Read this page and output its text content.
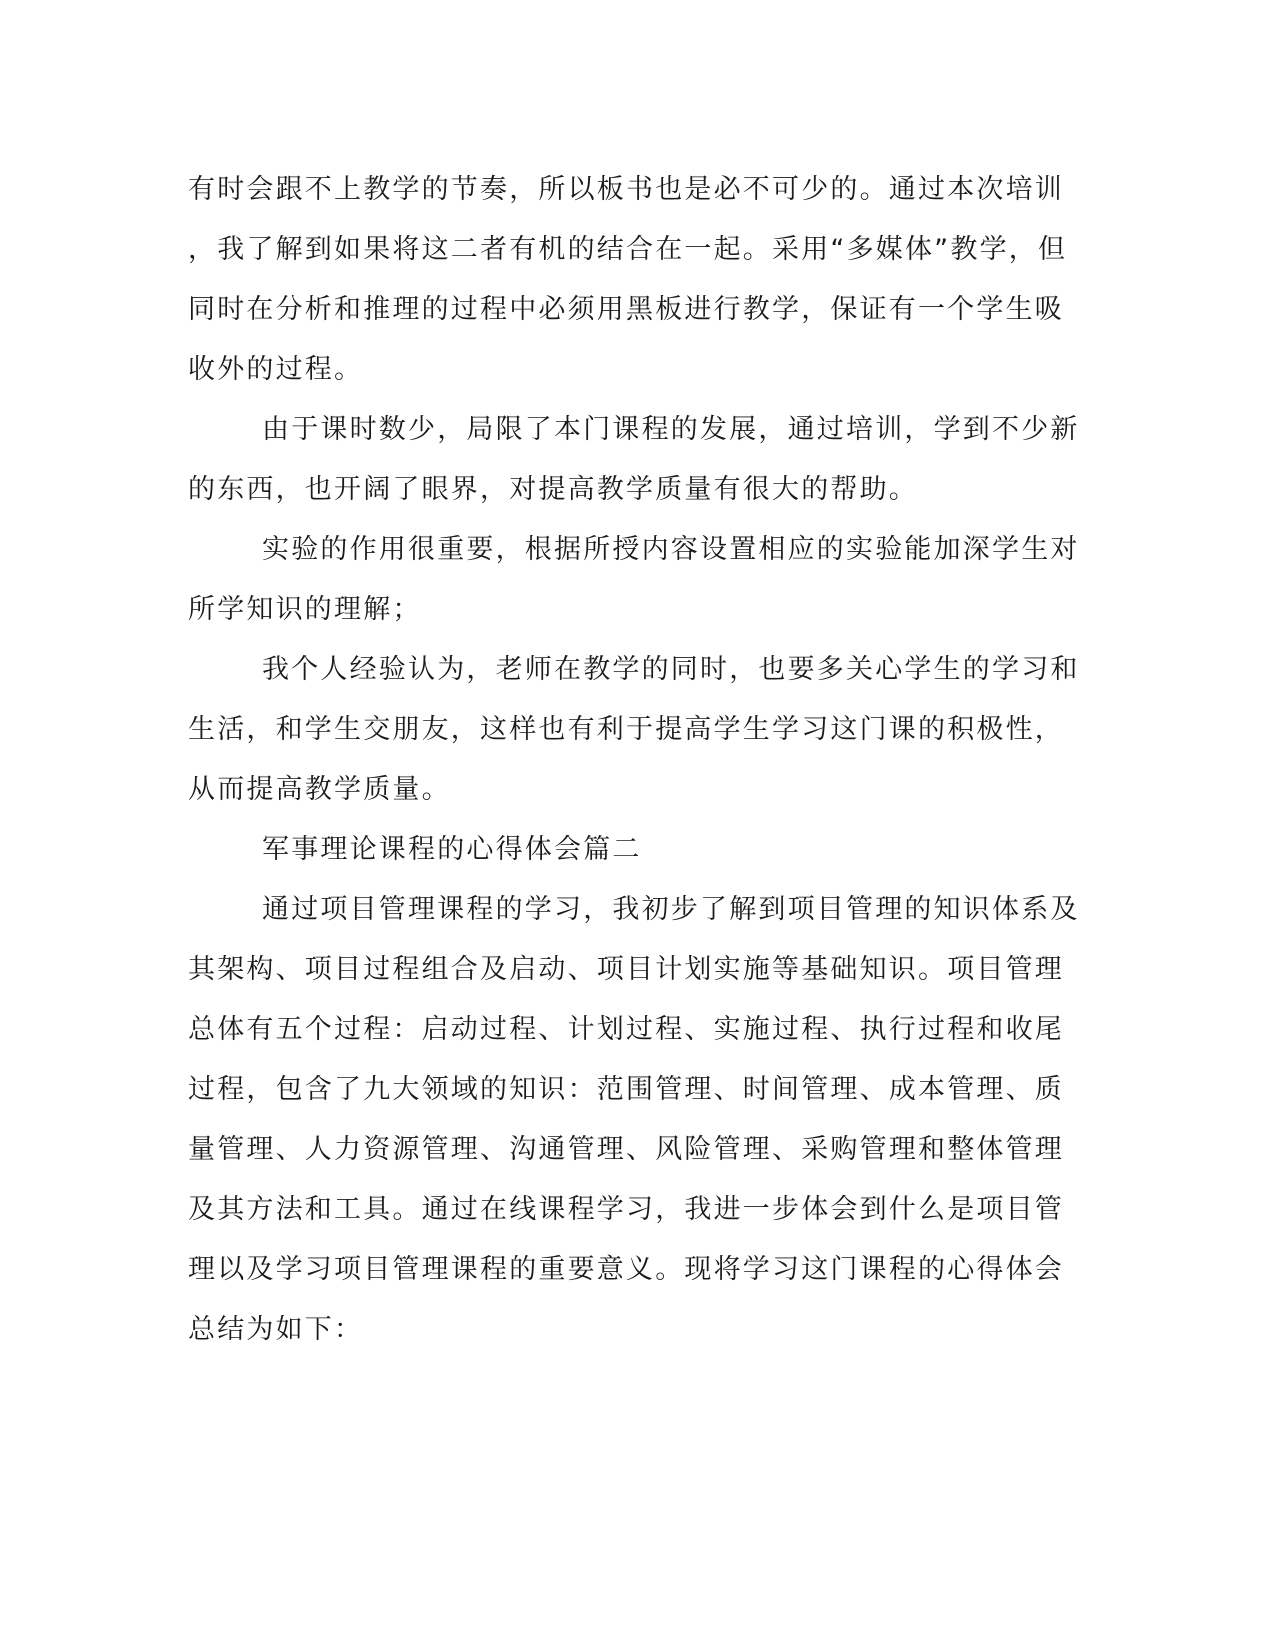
有时会跟不上教学的节奏，所以板书也是必不可少的。通过本次培训
，我了解到如果将这二者有机的结合在一起。采用“多媒体”教学，但
同时在分析和推理的过程中必须用黑板进行教学，保证有一个学生吸
收外的过程。
由于课时数少，局限了本门课程的发展，通过培训，学到不少新
的东西，也开阔了眼界，对提高教学质量有很大的帮助。
实验的作用很重要，根据所授内容设置相应的实验能加深学生对
所学知识的理解；
我个人经验认为，老师在教学的同时，也要多关心学生的学习和
生活，和学生交朋友，这样也有利于提高学生学习这门课的积极性，
从而提高教学质量。
军事理论课程的心得体会篇二
通过项目管理课程的学习，我初步了解到项目管理的知识体系及
其架构、项目过程组合及启动、项目计划实施等基础知识。项目管理
总体有五个过程：启动过程、计划过程、实施过程、执行过程和收尾
过程，包含了九大领域的知识：范围管理、时间管理、成本管理、质
量管理、人力资源管理、沟通管理、风险管理、采购管理和整体管理
及其方法和工具。通过在线课程学习，我进一步体会到什么是项目管
理以及学习项目管理课程的重要意义。现将学习这门课程的心得体会
总结为如下：
